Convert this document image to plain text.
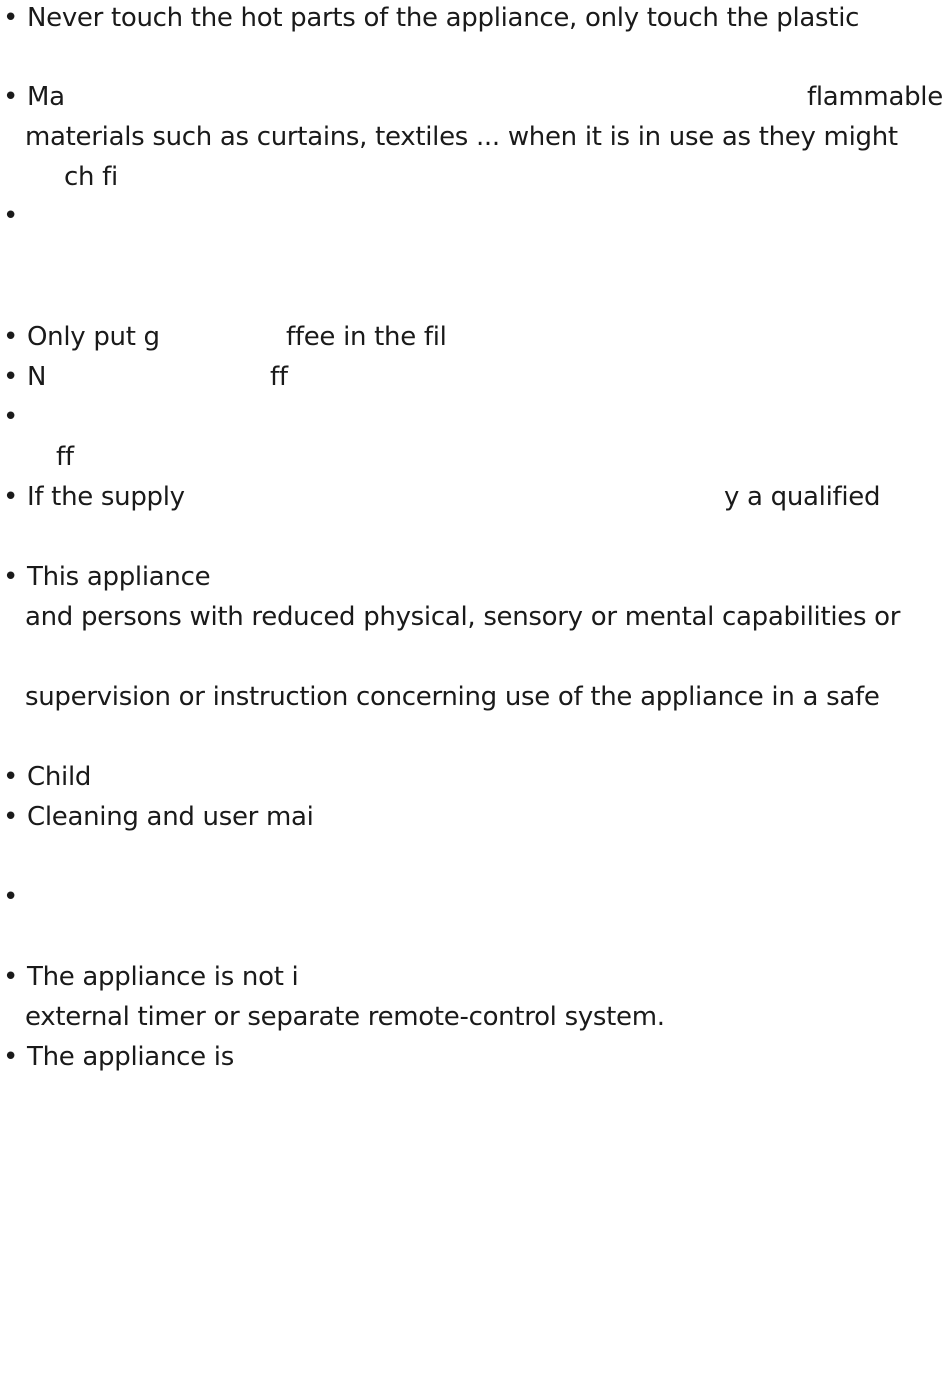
• Never touch the hot parts of the appliance, only touch the plastic
• Ma	flammable
materials such as curtains, textiles ... when it is in use as they might
ch fi
•
• Only put g	ffee in the fil
• N	ff
•
ff
• If the supply	y a qualified
• This appliance
and persons with reduced physical, sensory or mental capabilities or
supervision or instruction concerning use of the appliance in a safe
• Child
• Cleaning and user mai
•
• The appliance is not i
external timer or separate remote-control system.
• The appliance is
